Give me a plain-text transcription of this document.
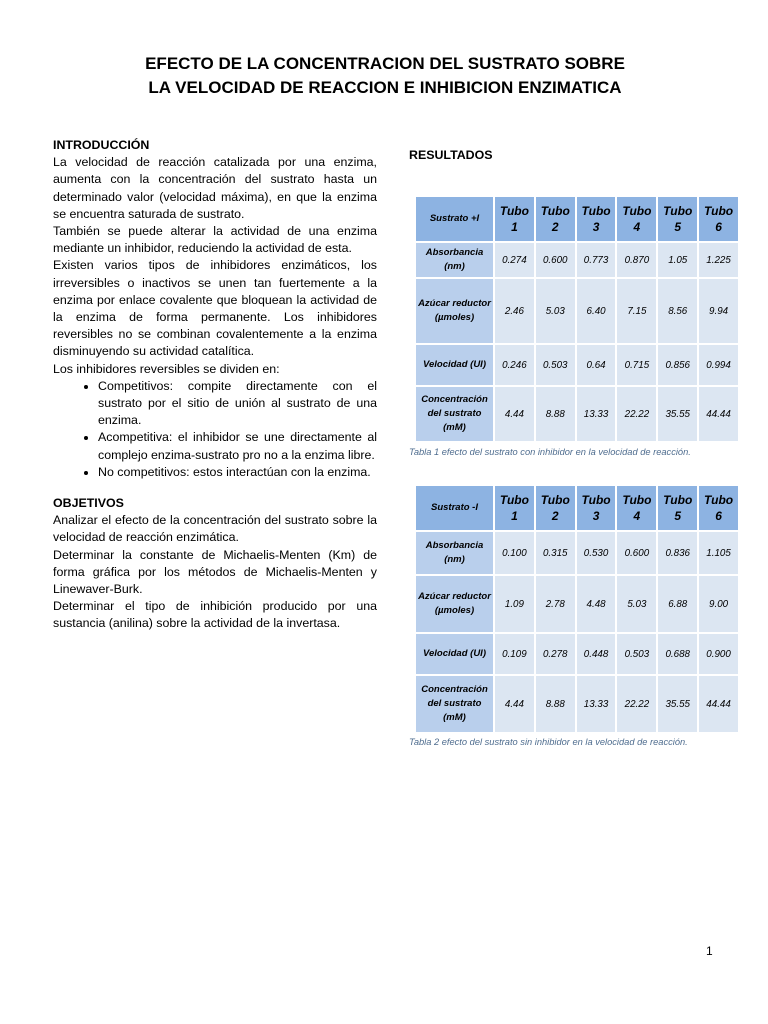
EFECTO DE LA CONCENTRACION DEL SUSTRATO SOBRE
LA VELOCIDAD DE REACCION E INHIBICION ENZIMATICA
INTRODUCCIÓN

La velocidad de reacción catalizada por una enzima, aumenta con la concentración del sustrato hasta un determinado valor (velocidad máxima), en que la enzima se encuentra saturada de sustrato.

También se puede alterar la actividad de una enzima mediante un inhibidor, reduciendo la actividad de esta.

Existen varios tipos de inhibidores enzimáticos, los irreversibles o inactivos se unen tan fuertemente a la enzima por enlace covalente que bloquean la actividad de la enzima de forma permanente. Los inhibidores reversibles no se combinan covalentemente a la enzima disminuyendo su actividad catalítica.

Los inhibidores reversibles se dividen en:

• Competitivos: compite directamente con el sustrato por el sitio de unión al sustrato de una enzima.
• Acompetitiva: el inhibidor se une directamente al complejo enzima-sustrato pro no a la enzima libre.
• No competitivos: estos interactúan con la enzima.
OBJETIVOS

Analizar el efecto de la concentración del sustrato sobre la velocidad de reacción enzimática.

Determinar la constante de Michaelis-Menten (Km) de forma gráfica por los métodos de Michaelis-Menten y Linewaver-Burk.

Determinar el tipo de inhibición producido por una sustancia (anilina) sobre la actividad de la invertasa.

RESULTADOS
Sustrato +I	Tubo 1	Tubo 2	Tubo 3	Tubo 4	Tubo 5	Tubo 6
Absorbancia (nm)	0.274	0.600	0.773	0.870	1.05	1.225
Azúcar reductor (µmoles)	2.46	5.03	6.40	7.15	8.56	9.94
Velocidad (UI)	0.246	0.503	0.64	0.715	0.856	0.994
Concentración del sustrato (mM)	4.44	8.88	13.33	22.22	35.55	44.44

Tabla 1 efecto del sustrato con inhibidor en la velocidad de reacción.

Sustrato -I	Tubo 1	Tubo 2	Tubo 3	Tubo 4	Tubo 5	Tubo 6
Absorbancia (nm)	0.100	0.315	0.530	0.600	0.836	1.105
Azúcar reductor (µmoles)	1.09	2.78	4.48	5.03	6.88	9.00
Velocidad (UI)	0.109	0.278	0.448	0.503	0.688	0.900
Concentración del sustrato (mM)	4.44	8.88	13.33	22.22	35.55	44.44

Tabla 2 efecto del sustrato sin inhibidor en la velocidad de reacción.

1
